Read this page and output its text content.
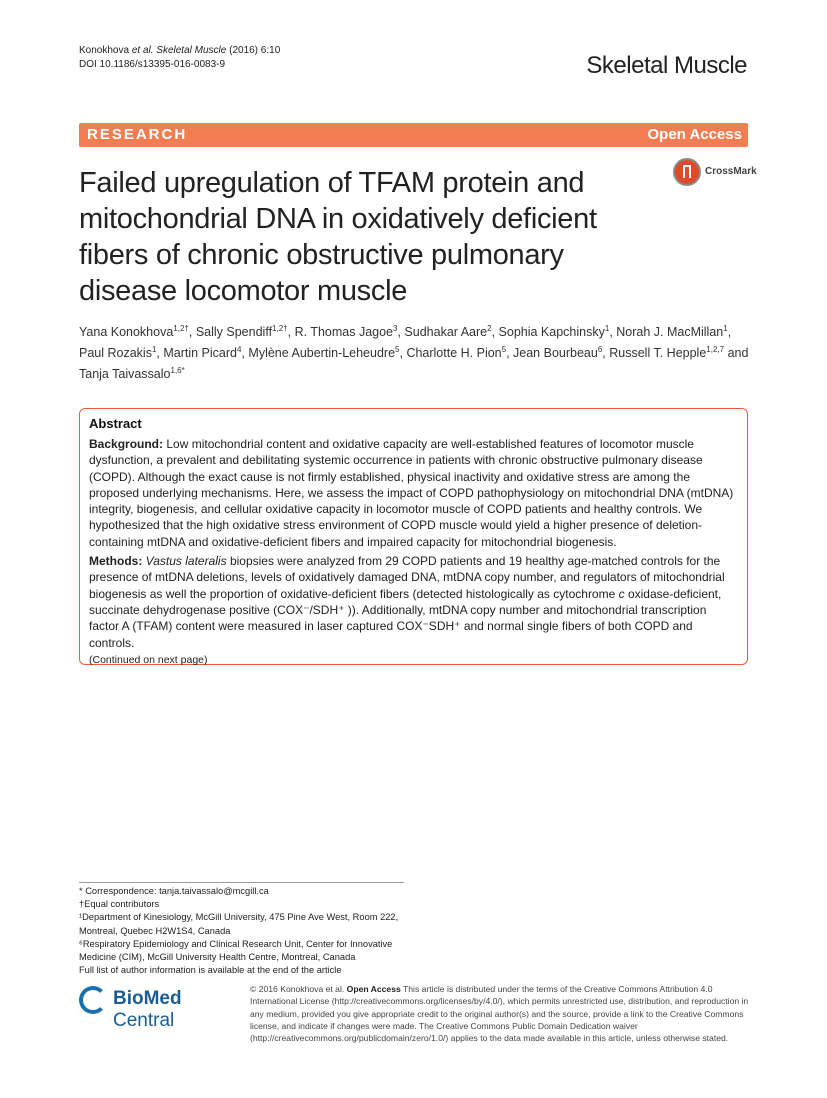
Konokhova et al. Skeletal Muscle (2016) 6:10
DOI 10.1186/s13395-016-0083-9	Skeletal Muscle
RESEARCH	Open Access
CrossMark
Failed upregulation of TFAM protein and mitochondrial DNA in oxidatively deficient fibers of chronic obstructive pulmonary disease locomotor muscle
Yana Konokhova$^{1,2\dagger}$, Sally Spendiff$^{1,2\dagger}$, R. Thomas Jagoe$^3$, Sudhakar Aare$^2$, Sophia Kapchinsky$^1$, Norah J. MacMillan$^1$, Paul Rozakis$^1$, Martin Picard$^4$, Mylène Aubertin-Leheudre$^5$, Charlotte H. Pion$^5$, Jean Bourbeau$^6$, Russell T. Hepple$^{1,2,7}$ and Tanja Taivassalo$^{1,6*}$
Abstract

Background: Low mitochondrial content and oxidative capacity are well-established features of locomotor muscle dysfunction, a prevalent and debilitating systemic occurrence in patients with chronic obstructive pulmonary disease (COPD). Although the exact cause is not firmly established, physical inactivity and oxidative stress are among the proposed underlying mechanisms. Here, we assess the impact of COPD pathophysiology on mitochondrial DNA (mtDNA) integrity, biogenesis, and cellular oxidative capacity in locomotor muscle of COPD patients and healthy controls. We hypothesized that the high oxidative stress environment of COPD muscle would yield a higher presence of deletion-containing mtDNA and oxidative-deficient fibers and impaired capacity for mitochondrial biogenesis.

Methods: Vastus lateralis biopsies were analyzed from 29 COPD patients and 19 healthy age-matched controls for the presence of mtDNA deletions, levels of oxidatively damaged DNA, mtDNA copy number, and regulators of mitochondrial biogenesis as well the proportion of oxidative-deficient fibers (detected histologically as cytochrome c oxidase-deficient, succinate dehydrogenase positive (COX⁻/SDH⁺ )). Additionally, mtDNA copy number and mitochondrial transcription factor A (TFAM) content were measured in laser captured COX⁻SDH⁺ and normal single fibers of both COPD and controls.

(Continued on next page)
* Correspondence: tanja.taivassalo@mcgill.ca
†Equal contributors
¹Department of Kinesiology, McGill University, 475 Pine Ave West, Room 222,
Montreal, Quebec H2W1S4, Canada
⁶Respiratory Epidemiology and Clinical Research Unit, Center for Innovative
Medicine (CIM), McGill University Health Centre, Montreal, Canada
Full list of author information is available at the end of the article
BioMed Central
© 2016 Konokhova et al. Open Access This article is distributed under the terms of the Creative Commons Attribution 4.0 International License (http://creativecommons.org/licenses/by/4.0/), which permits unrestricted use, distribution, and reproduction in any medium, provided you give appropriate credit to the original author(s) and the source, provide a link to the Creative Commons license, and indicate if changes were made. The Creative Commons Public Domain Dedication waiver (http://creativecommons.org/publicdomain/zero/1.0/) applies to the data made available in this article, unless otherwise stated.
